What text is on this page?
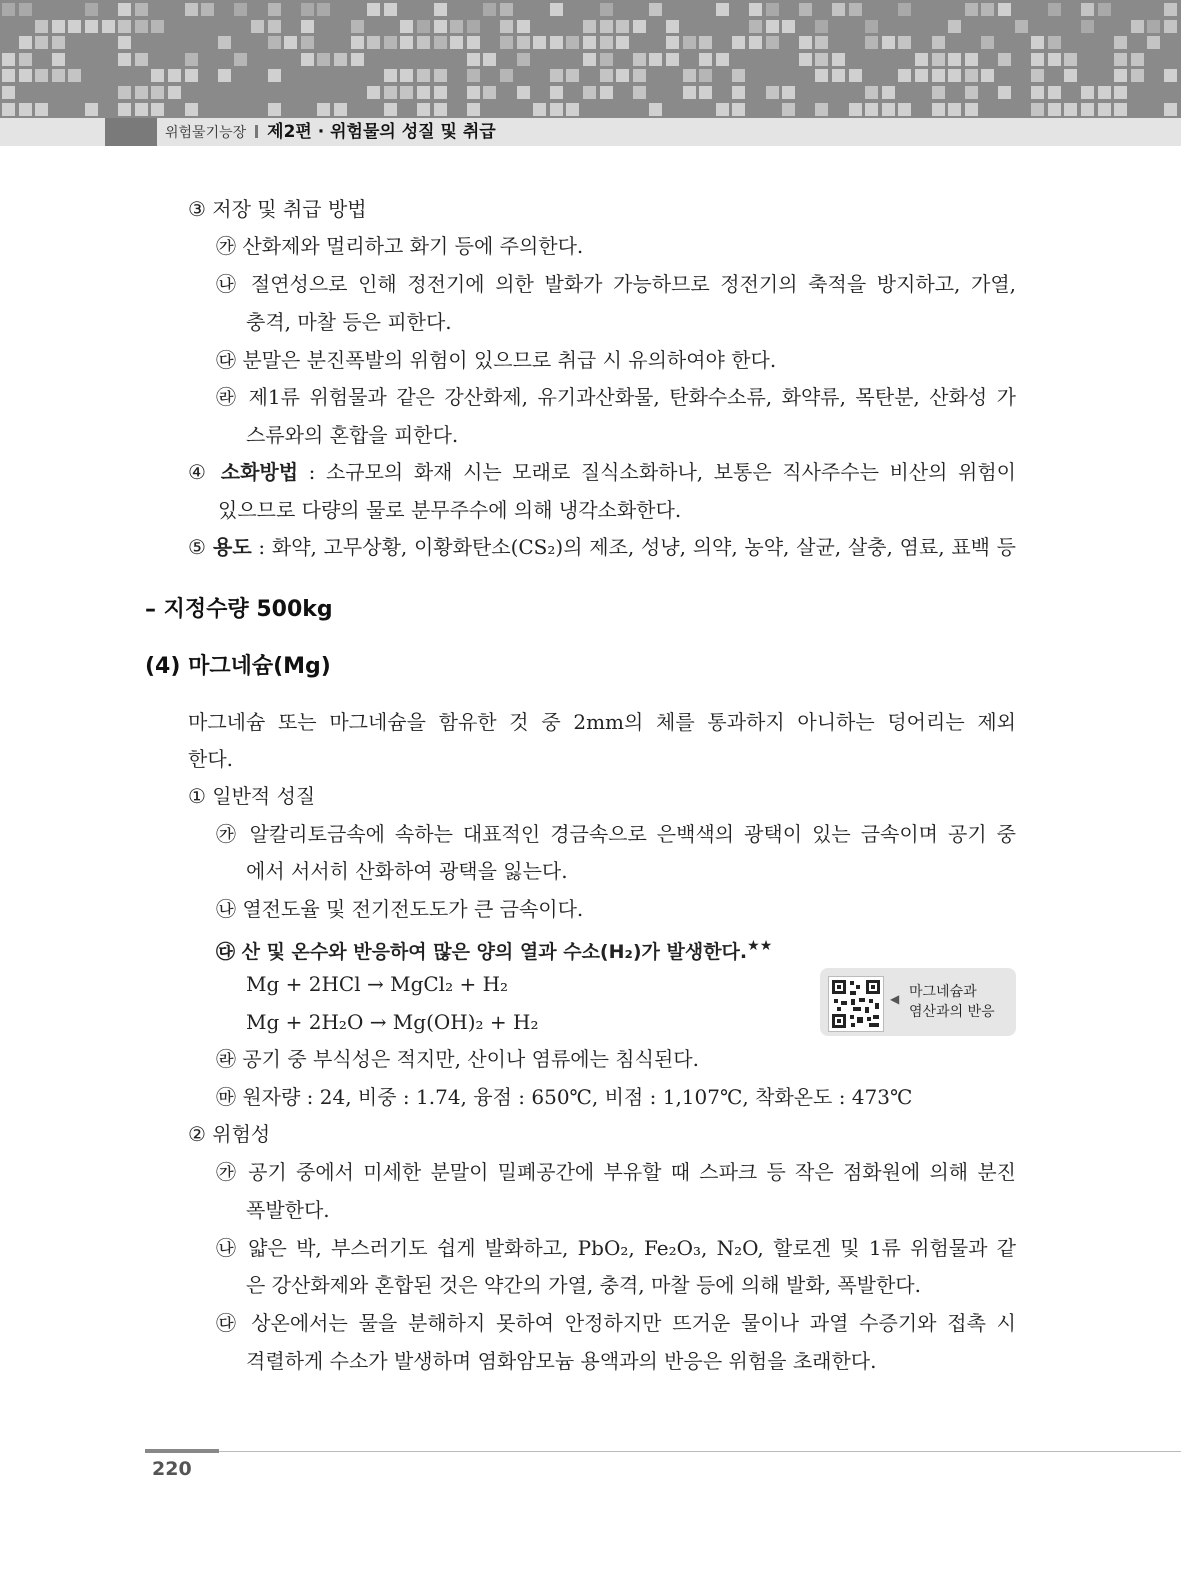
위험물기능장 제2편 · 위험물의 성질 및 취급
③ 저장 및 취급 방법
㉮ 산화제와 멀리하고 화기 등에 주의한다.
㉯ 절연성으로 인해 정전기에 의한 발화가 가능하므로 정전기의 축적을 방지하고, 가열,
충격, 마찰 등은 피한다.
㉰ 분말은 분진폭발의 위험이 있으므로 취급 시 유의하여야 한다.
㉱ 제1류 위험물과 같은 강산화제, 유기과산화물, 탄화수소류, 화약류, 목탄분, 산화성 가
스류와의 혼합을 피한다.
④ 소화방법 : 소규모의 화재 시는 모래로 질식소화하나, 보통은 직사주수는 비산의 위험이
있으므로 다량의 물로 분무주수에 의해 냉각소화한다.
⑤ 용도 : 화약, 고무상황, 이황화탄소(CS₂)의 제조, 성냥, 의약, 농약, 살균, 살충, 염료, 표백 등
– 지정수량 500kg
(4) 마그네슘(Mg)
마그네슘 또는 마그네슘을 함유한 것 중 2mm의 체를 통과하지 아니하는 덩어리는 제외
한다.
① 일반적 성질
㉮ 알칼리토금속에 속하는 대표적인 경금속으로 은백색의 광택이 있는 금속이며 공기 중
에서 서서히 산화하여 광택을 잃는다.
㉯ 열전도율 및 전기전도도가 큰 금속이다.
㉰ 산 및 온수와 반응하여 많은 양의 열과 수소(H₂)가 발생한다.★★
Mg + 2HCl → MgCl₂ + H₂
Mg + 2H₂O → Mg(OH)₂ + H₂
◀ 마그네슘과
염산과의 반응
㉱ 공기 중 부식성은 적지만, 산이나 염류에는 침식된다.
㉲ 원자량 : 24, 비중 : 1.74, 융점 : 650℃, 비점 : 1,107℃, 착화온도 : 473℃
② 위험성
㉮ 공기 중에서 미세한 분말이 밀폐공간에 부유할 때 스파크 등 작은 점화원에 의해 분진
폭발한다.
㉯ 얇은 박, 부스러기도 쉽게 발화하고, PbO₂, Fe₂O₃, N₂O, 할로겐 및 1류 위험물과 같
은 강산화제와 혼합된 것은 약간의 가열, 충격, 마찰 등에 의해 발화, 폭발한다.
㉰ 상온에서는 물을 분해하지 못하여 안정하지만 뜨거운 물이나 과열 수증기와 접촉 시
격렬하게 수소가 발생하며 염화암모늄 용액과의 반응은 위험을 초래한다.
220
